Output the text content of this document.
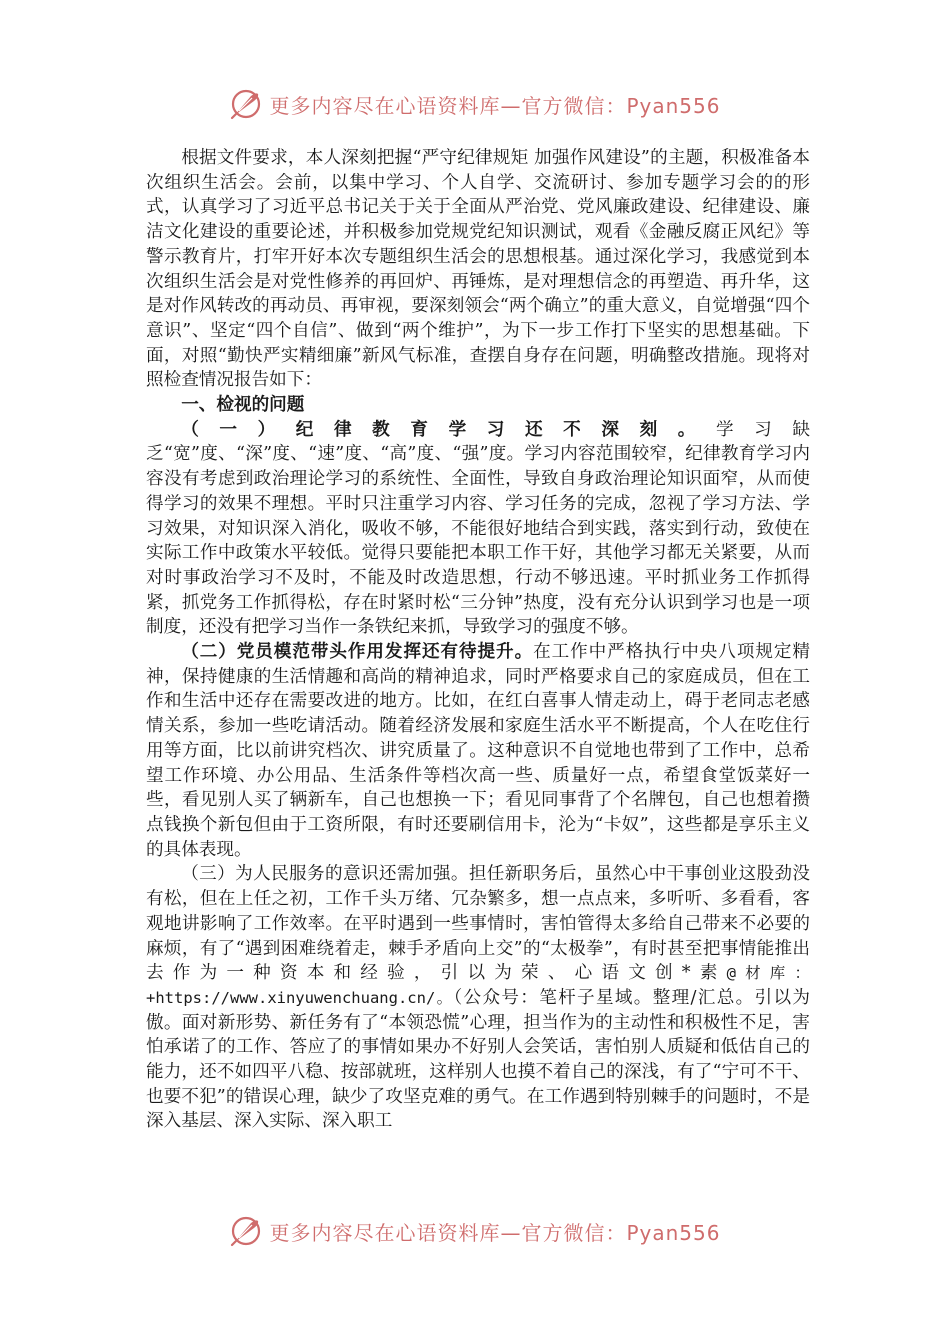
更多内容尽在心语资料库—官方微信：Pyan556

根据文件要求，本人深刻把握“严守纪律规矩 加强作风建设”的主题，积极准备本次组织生活会。会前，以集中学习、个人自学、交流研讨、参加专题学习会的的形式，认真学习了习近平总书记关于关于全面从严治党、党风廉政建设、纪律建设、廉洁文化建设的重要论述，并积极参加党规党纪知识测试，观看《金融反腐正风纪》等警示教育片，打牢开好本次专题组织生活会的思想根基。通过深化学习，我感觉到本次组织生活会是对党性修养的再回炉、再锤炼，是对理想信念的再塑造、再升华，这是对作风转改的再动员、再审视，要深刻领会“两个确立”的重大意义，自觉增强“四个意识”、坚定“四个自信”、做到“两个维护”，为下一步工作打下坚实的思想基础。下面，对照“勤快严实精细廉”新风气标准，查摆自身存在问题，明确整改措施。现将对照检查情况报告如下：

一、检视的问题

（一）纪律教育学习还不深刻。学习缺乏“宽”度、“深”度、“速”度、“高”度、“强”度。学习内容范围较窄，纪律教育学习内容没有考虑到政治理论学习的系统性、全面性，导致自身政治理论知识面窄，从而使得学习的效果不理想。平时只注重学习内容、学习任务的完成，忽视了学习方法、学习效果，对知识深入消化，吸收不够，不能很好地结合到实践，落实到行动，致使在实际工作中政策水平较低。觉得只要能把本职工作干好，其他学习都无关紧要，从而对时事政治学习不及时，不能及时改造思想，行动不够迅速。平时抓业务工作抓得紧，抓党务工作抓得松，存在时紧时松“三分钟”热度，没有充分认识到学习也是一项制度，还没有把学习当作一条铁纪来抓，导致学习的强度不够。

（二）党员模范带头作用发挥还有待提升。在工作中严格执行中央八项规定精神，保持健康的生活情趣和高尚的精神追求，同时严格要求自己的家庭成员，但在工作和生活中还存在需要改进的地方。比如，在红白喜事人情走动上，碍于老同志老感情关系，参加一些吃请活动。随着经济发展和家庭生活水平不断提高，个人在吃住行用等方面，比以前讲究档次、讲究质量了。这种意识不自觉地也带到了工作中，总希望工作环境、办公用品、生活条件等档次高一些、质量好一点，希望食堂饭菜好一些，看见别人买了辆新车，自己也想换一下；看见同事背了个名牌包，自己也想着攒点钱换个新包但由于工资所限，有时还要刷信用卡，沦为“卡奴”，这些都是享乐主义的具体表现。

（三）为人民服务的意识还需加强。担任新职务后，虽然心中干事创业这股劲没有松，但在上任之初，工作千头万绪、冗杂繁多，想一点点来，多听听、多看看，客观地讲影响了工作效率。在平时遇到一些事情时，害怕管得太多给自己带来不必要的麻烦，有了“遇到困难绕着走，棘手矛盾向上交”的“太极拳”，有时甚至把事情能推出去作为一种资本和经验，引以为荣、心语文创*素@材库：+https://www.xinyuwenchuang.cn/。（公众号：笔杆子星域。整理/汇总。引以为傲。面对新形势、新任务有了“本领恐慌”心理，担当作为的主动性和积极性不足，害怕承诺了的工作、答应了的事情如果办不好别人会笑话，害怕别人质疑和低估自己的能力，还不如四平八稳、按部就班，这样别人也摸不着自己的深浅，有了“宁可不干、也要不犯”的错误心理，缺少了攻坚克难的勇气。在工作遇到特别棘手的问题时，不是深入基层、深入实际、深入职工

更多内容尽在心语资料库—官方微信：Pyan556
